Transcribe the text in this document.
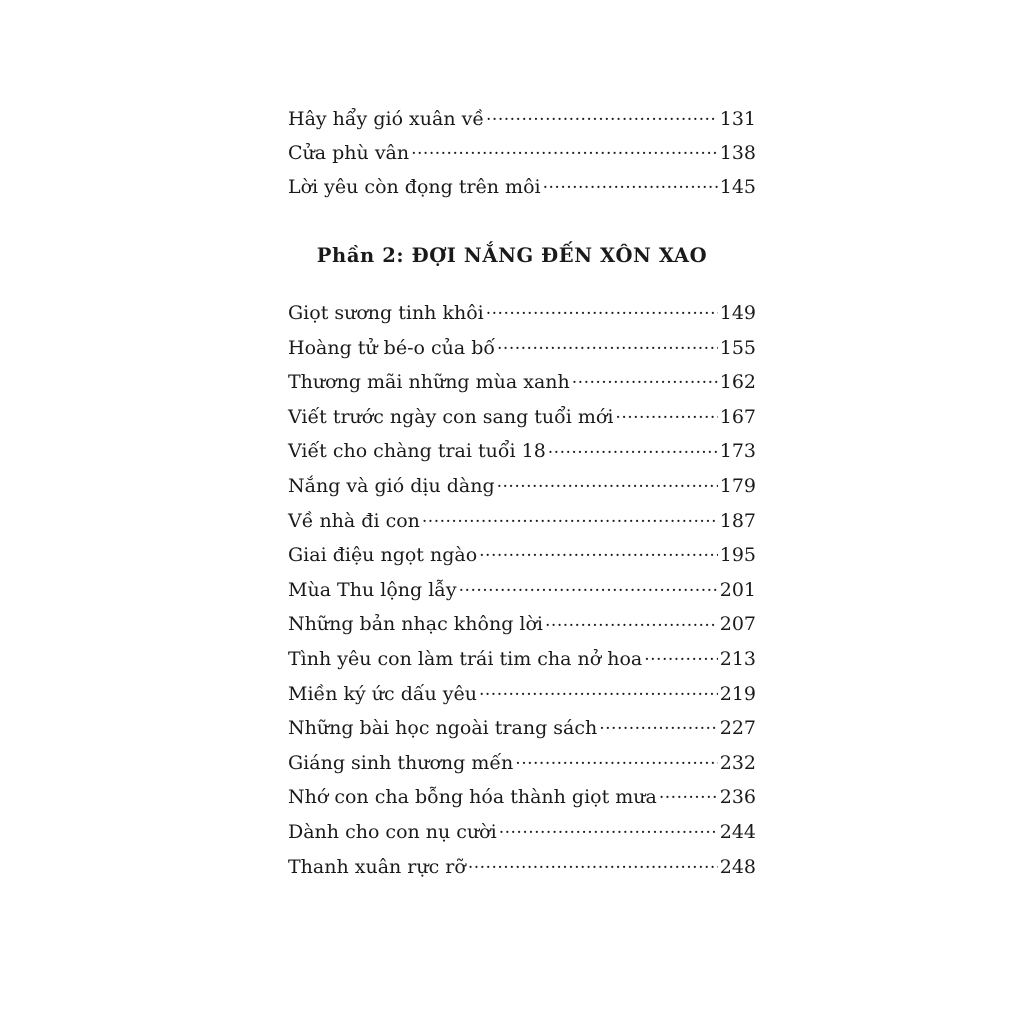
Hây hẩy gió xuân về .....	131
Cửa phù vân .....	138
Lời yêu còn đọng trên môi .....	145
Phần 2: ĐỢI NẮNG ĐẾN XÔN XAO
Giọt sương tinh khôi .....	149
Hoàng tử bé-o của bố .....	155
Thương mãi những mùa xanh .....	162
Viết trước ngày con sang tuổi mới .....	167
Viết cho chàng trai tuổi 18 .....	173
Nắng và gió dịu dàng .....	179
Về nhà đi con .....	187
Giai điệu ngọt ngào .....	195
Mùa Thu lộng lẫy .....	201
Những bản nhạc không lời .....	207
Tình yêu con làm trái tim cha nở hoa .....	213
Miền ký ức dấu yêu .....	219
Những bài học ngoài trang sách .....	227
Giáng sinh thương mến .....	232
Nhớ con cha bỗng hóa thành giọt mưa .....	236
Dành cho con nụ cười .....	244
Thanh xuân rực rỡ .....	248
